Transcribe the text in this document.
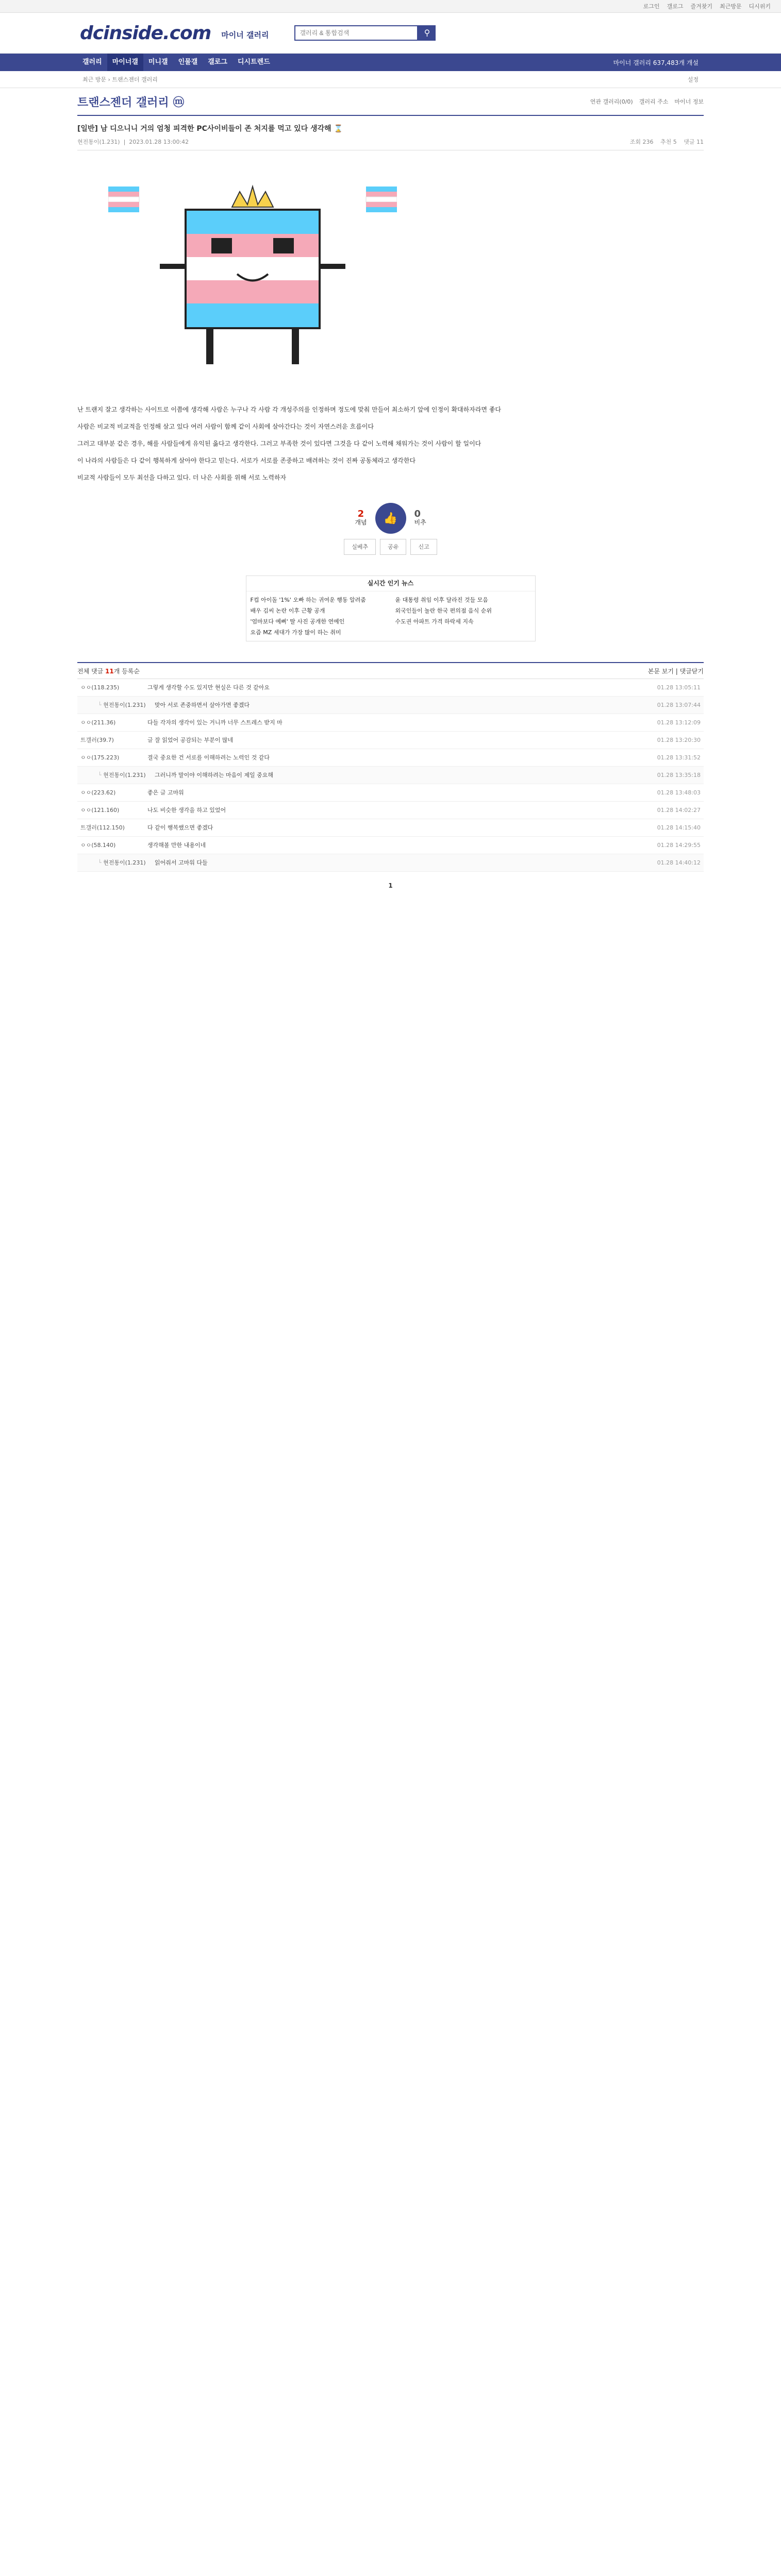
로그인 갤로그 즐겨찾기 최근방문 디시위키
dcinside.com 마이너 갤러리
갤러리 & 통합검색	⚲
갤러리	마이너갤	미니갤	인물갤	갤로그	디시트렌드	마이너 갤러리 637,483개 개설
최근 방문 › 트랜스젠더 갤러리	설정
트랜스젠더 갤러리 ⓜ	연관 갤러리(0/0) 갤러리 주소 마이너 정보
[일반] 남 디으니니 거의 엄청 피격한 PC사이비들이 존 처지를 먹고 있다 생각해 ⌛
현전통이(1.231)  |  2023.01.28 13:00:42	조회 236 추천 5 댓글 11

난 트랜지 잘고 생각하는 사이트로 이쯤에 생각해 사람은 누구나 각 사람 각 개성주의를 인정하며 정도에 맞춰 만들어 최소하기 앞에 인정이 확대하자라면 좋다

사람은 비교적 비교적을 인정해 살고 있다 여러 사람이 함께 같이 사회에 살아간다는 것이 자연스러운 흐름이다

그러고 대부분 같은 경우, 해를 사람들에게 유익된 옳다고 생각한다. 그러고 부족한 것이 있다면 그것을 다 같이 노력해 채워가는 것이 사람이 할 일이다

이 나라의 사람들은 다 같이 행복하게 살아야 한다고 믿는다. 서로가 서로를 존중하고 배려하는 것이 진짜 공동체라고 생각한다

비교적 사람들이 모두 최선을 다하고 있다. 더 나은 사회를 위해 서로 노력하자

2
개념 👍 0
비추
실베추	공유	신고
실시간 인기 뉴스
F컵 아이돌 '1%' 오빠 하는 귀여운 행동 알려줌	윤 대통령 취임 이후 달라진 것들 모음
배우 김씨 논란 이후 근황 공개	외국인들이 놀란 한국 편의점 음식 순위
'엄마보다 예뻐' 딸 사진 공개한 연예인	수도권 아파트 가격 하락세 지속
요즘 MZ 세대가 가장 많이 하는 취미
전체 댓글 11개 등록순	본문 보기 | 댓글닫기
ㅇㅇ(118.235)	그렇게 생각할 수도 있지만 현실은 다른 것 같아요	01.28 13:05:11
└ 현전통이(1.231)	맞아 서로 존중하면서 살아가면 좋겠다	01.28 13:07:44
ㅇㅇ(211.36)	다들 각자의 생각이 있는 거니까 너무 스트레스 받지 마	01.28 13:12:09
트갤러(39.7)	글 잘 읽었어 공감되는 부분이 많네	01.28 13:20:30
ㅇㅇ(175.223)	결국 중요한 건 서로를 이해하려는 노력인 것 같다	01.28 13:31:52
└ 현전통이(1.231)	그러니까 말이야 이해하려는 마음이 제일 중요해	01.28 13:35:18
ㅇㅇ(223.62)	좋은 글 고마워	01.28 13:48:03
ㅇㅇ(121.160)	나도 비슷한 생각을 하고 있었어	01.28 14:02:27
트갤러(112.150)	다 같이 행복했으면 좋겠다	01.28 14:15:40
ㅇㅇ(58.140)	생각해볼 만한 내용이네	01.28 14:29:55
└ 현전통이(1.231)	읽어줘서 고마워 다들	01.28 14:40:12
1
